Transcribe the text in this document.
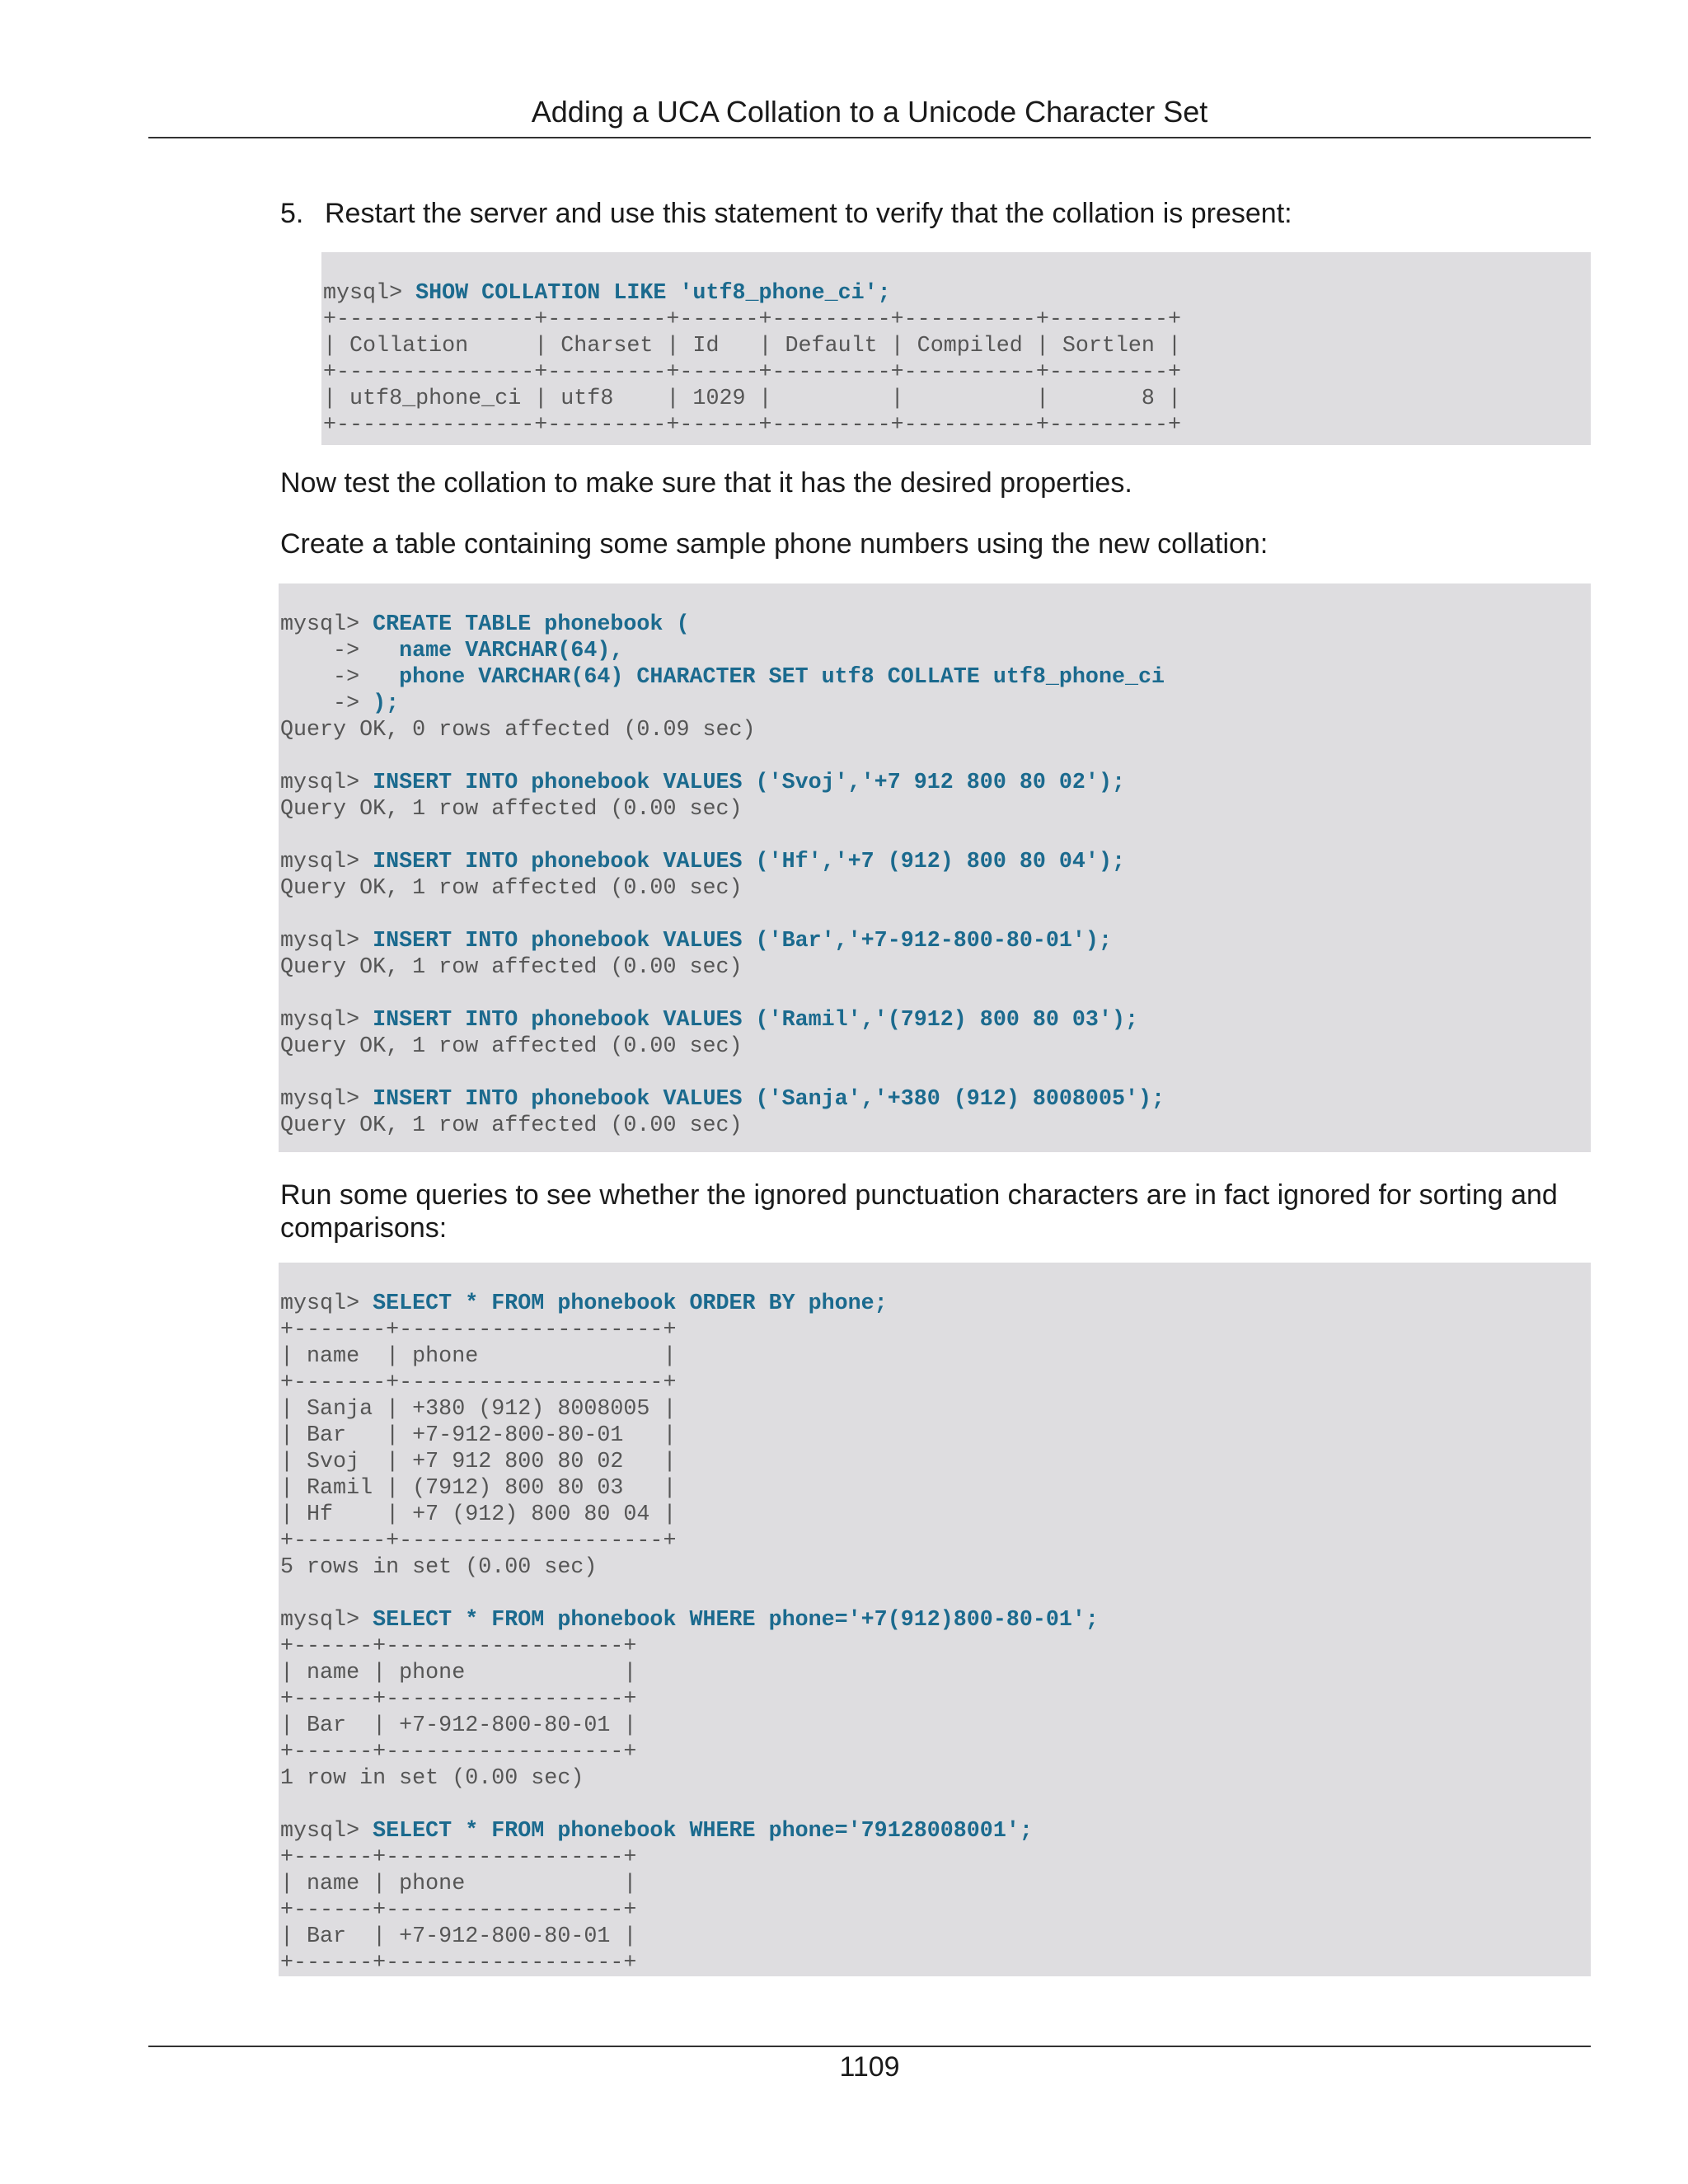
Adding a UCA Collation to a Unicode Character Set
5. Restart the server and use this statement to verify that the collation is present:
mysql> SHOW COLLATION LIKE 'utf8_phone_ci';
+---------------+---------+------+---------+----------+---------+
| Collation     | Charset | Id   | Default | Compiled | Sortlen |
+---------------+---------+------+---------+----------+---------+
| utf8_phone_ci | utf8    | 1029 |         |          |       8 |
+---------------+---------+------+---------+----------+---------+

Now test the collation to make sure that it has the desired properties.
Create a table containing some sample phone numbers using the new collation:
mysql> CREATE TABLE phonebook (
->   name VARCHAR(64),
->   phone VARCHAR(64) CHARACTER SET utf8 COLLATE utf8_phone_ci
-> );
Query OK, 0 rows affected (0.09 sec)

mysql> INSERT INTO phonebook VALUES ('Svoj','+7 912 800 80 02');
Query OK, 1 row affected (0.00 sec)

mysql> INSERT INTO phonebook VALUES ('Hf','+7 (912) 800 80 04');
Query OK, 1 row affected (0.00 sec)

mysql> INSERT INTO phonebook VALUES ('Bar','+7-912-800-80-01');
Query OK, 1 row affected (0.00 sec)

mysql> INSERT INTO phonebook VALUES ('Ramil','(7912) 800 80 03');
Query OK, 1 row affected (0.00 sec)

mysql> INSERT INTO phonebook VALUES ('Sanja','+380 (912) 8008005');
Query OK, 1 row affected (0.00 sec)

Run some queries to see whether the ignored punctuation characters are in fact ignored for sorting and comparisons:
mysql> SELECT * FROM phonebook ORDER BY phone;
+-------+--------------------+
| name  | phone              |
+-------+--------------------+
| Sanja | +380 (912) 8008005 |
| Bar   | +7-912-800-80-01   |
| Svoj  | +7 912 800 80 02   |
| Ramil | (7912) 800 80 03   |
| Hf    | +7 (912) 800 80 04 |
+-------+--------------------+
5 rows in set (0.00 sec)

mysql> SELECT * FROM phonebook WHERE phone='+7(912)800-80-01';
+------+------------------+
| name | phone            |
+------+------------------+
| Bar  | +7-912-800-80-01 |
+------+------------------+
1 row in set (0.00 sec)

mysql> SELECT * FROM phonebook WHERE phone='79128008001';
+------+------------------+
| name | phone            |
+------+------------------+
| Bar  | +7-912-800-80-01 |
+------+------------------+

1109
